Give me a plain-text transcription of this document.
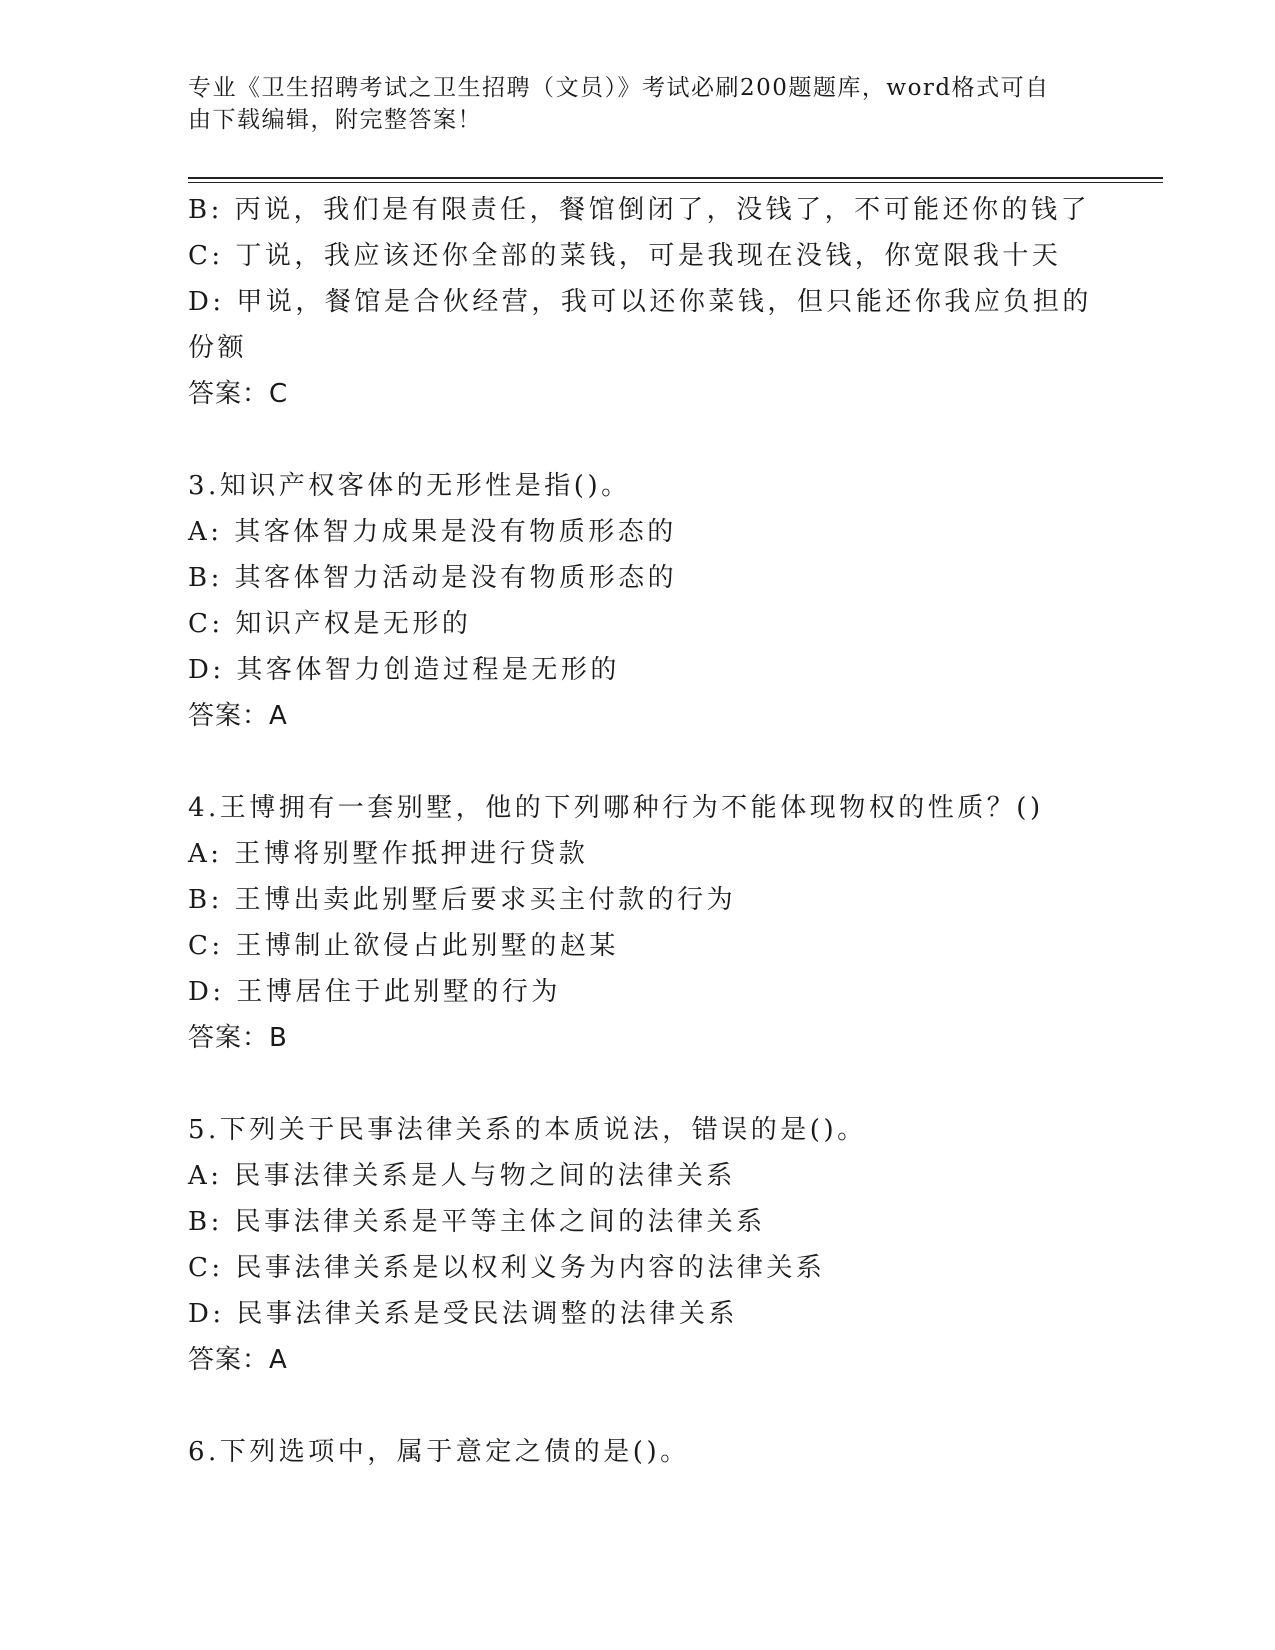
专业《卫生招聘考试之卫生招聘（文员）》考试必刷200题题库，word格式可自
由下载编辑，附完整答案！
B: 丙说，我们是有限责任，餐馆倒闭了，没钱了，不可能还你的钱了
C: 丁说，我应该还你全部的菜钱，可是我现在没钱，你宽限我十天
D: 甲说，餐馆是合伙经营，我可以还你菜钱，但只能还你我应负担的
份额
答案：C
3.知识产权客体的无形性是指()。
A: 其客体智力成果是没有物质形态的
B: 其客体智力活动是没有物质形态的
C: 知识产权是无形的
D: 其客体智力创造过程是无形的
答案：A
4.王博拥有一套别墅，他的下列哪种行为不能体现物权的性质？()
A: 王博将别墅作抵押进行贷款
B: 王博出卖此别墅后要求买主付款的行为
C: 王博制止欲侵占此别墅的赵某
D: 王博居住于此别墅的行为
答案：B
5.下列关于民事法律关系的本质说法，错误的是()。
A: 民事法律关系是人与物之间的法律关系
B: 民事法律关系是平等主体之间的法律关系
C: 民事法律关系是以权利义务为内容的法律关系
D: 民事法律关系是受民法调整的法律关系
答案：A
6.下列选项中，属于意定之债的是()。
